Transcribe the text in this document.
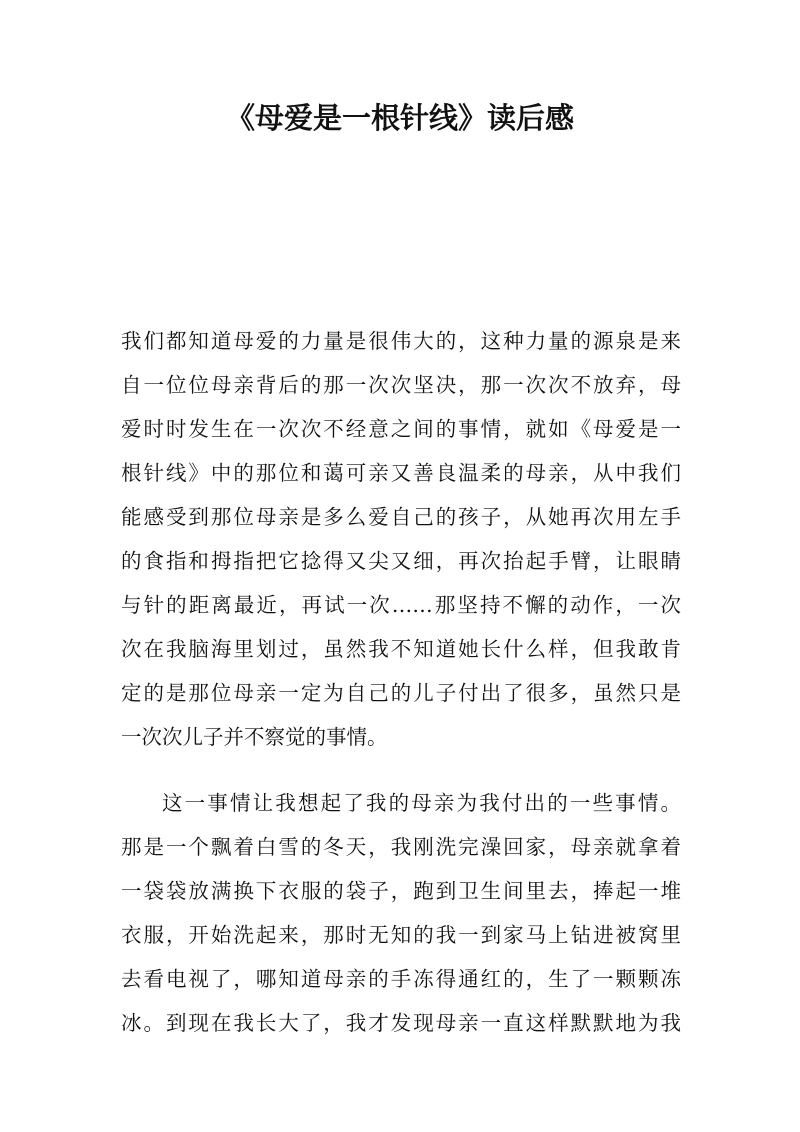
《母爱是一根针线》读后感
我们都知道母爱的力量是很伟大的，这种力量的源泉是来
自一位位母亲背后的那一次次坚决，那一次次不放弃，母
爱时时发生在一次次不经意之间的事情，就如《母爱是一
根针线》中的那位和蔼可亲又善良温柔的母亲，从中我们
能感受到那位母亲是多么爱自己的孩子，从她再次用左手
的食指和拇指把它捻得又尖又细，再次抬起手臂，让眼睛
与针的距离最近，再试一次……那坚持不懈的动作，一次
次在我脑海里划过，虽然我不知道她长什么样，但我敢肯
定的是那位母亲一定为自己的儿子付出了很多，虽然只是
一次次儿子并不察觉的事情。
这一事情让我想起了我的母亲为我付出的一些事情。
那是一个飘着白雪的冬天，我刚洗完澡回家，母亲就拿着
一袋袋放满换下衣服的袋子，跑到卫生间里去，捧起一堆
衣服，开始洗起来，那时无知的我一到家马上钻进被窝里
去看电视了，哪知道母亲的手冻得通红的，生了一颗颗冻
冰。到现在我长大了，我才发现母亲一直这样默默地为我
